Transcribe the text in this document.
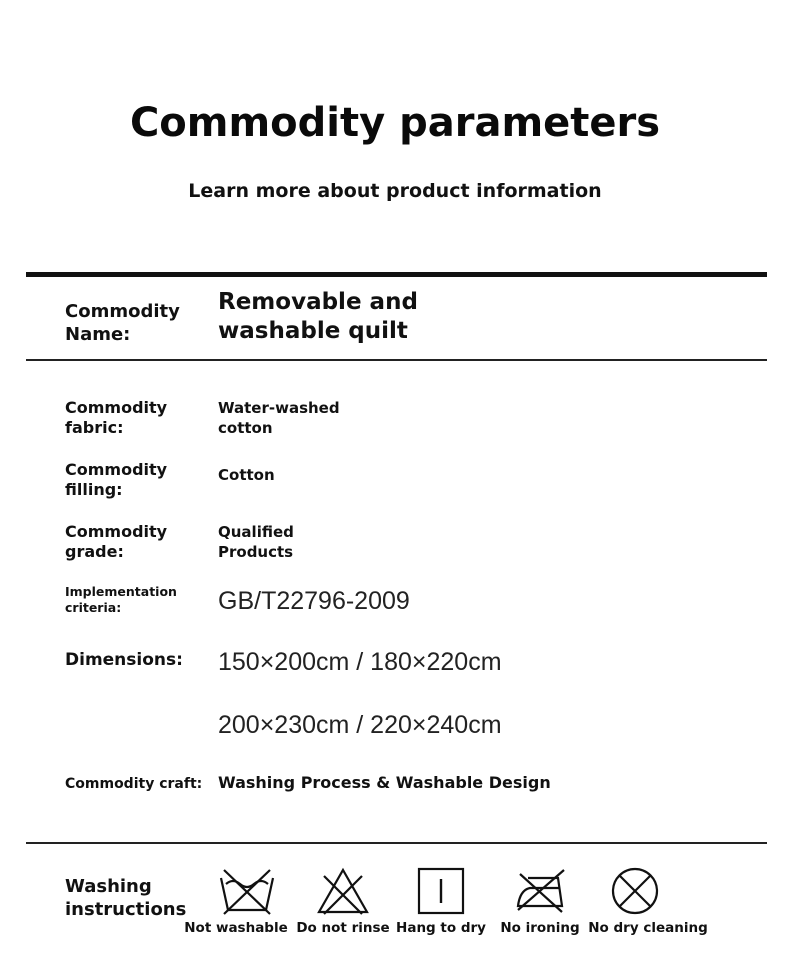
Commodity parameters
Learn more about product information
Commodity
Name:
Removable and
washable quilt
Commodity
fabric:
Water-washed
cotton
Commodity
filling:
Cotton
Commodity
grade:
Qualified
Products
Implementation
criteria:	GB/T22796-2009
Dimensions: 150×200cm / 180×220cm
200×230cm / 220×240cm
Commodity craft: Washing Process & Washable Design
Washing
instructions
Not washable Do not rinse Hang to dry No ironing No dry cleaning
